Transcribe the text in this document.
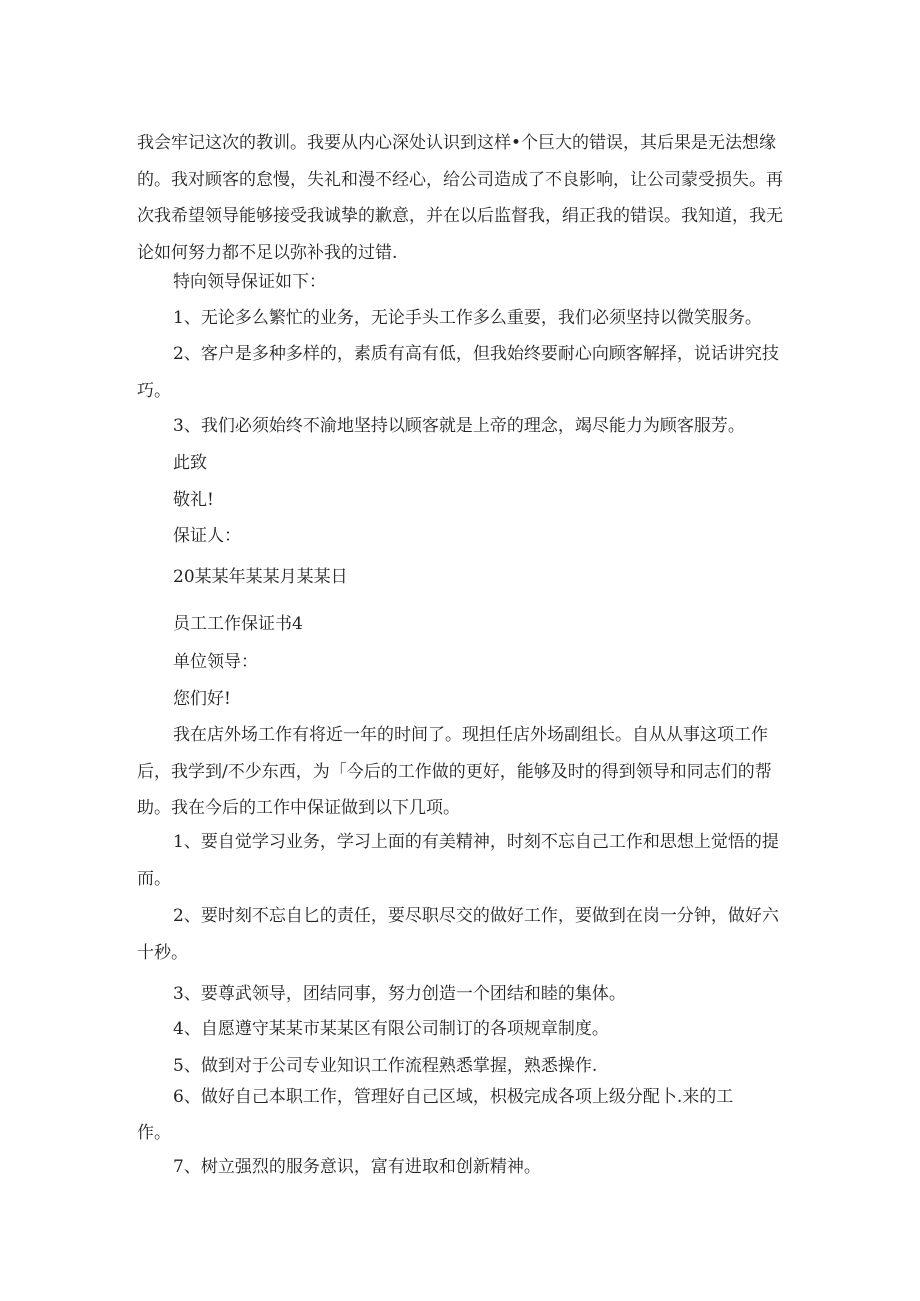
我会牢记这次的教训。我要从内心深处认识到这样•个巨大的错误，其后果是无法想缘的。我对顾客的怠慢，失礼和漫不经心，给公司造成了不良影响，让公司蒙受损失。再次我希望领导能够接受我诚挚的歉意，并在以后监督我，绢正我的错误。我知道，我无论如何努力都不足以弥补我的过错.

特向领导保证如下：

1、无论多么繁忙的业务，无论手头工作多么重要，我们必须坚持以微笑服务。

2、客户是多种多样的，素质有高有低，但我始终要耐心向顾客解择，说话讲究技巧。

3、我们必须始终不渝地坚持以顾客就是上帝的理念，竭尽能力为顾客服芳。

此致

敬礼!

保证人：

20某某年某某月某某日

员工工作保证书4

单位领导：

您们好!

我在店外场工作有将近一年的时间了。现担任店外场副组长。自从从事这项工作后，我学到/不少东西，为「今后的工作做的更好，能够及时的得到领导和同志们的帮助。我在今后的工作中保证做到以下几项。

1、要自觉学习业务，学习上面的有美精神，时刻不忘自己工作和思想上觉悟的提而。

2、要时刻不忘自匕的责任，要尽职尽交的做好工作，要做到在岗一分钟，做好六十秒。

3、要尊武领导，团结同事，努力创造一个团结和睦的集体。

4、自愿遵守某某市某某区有限公司制订的各项规章制度。

5、做到对于公司专业知识工作流程熟悉掌握，熟悉操作.

6、做好自己本职工作，管理好自己区域，枳极完成各项上级分配卜.来的工

作。

7、树立强烈的服务意识，富有进取和创新精神。
